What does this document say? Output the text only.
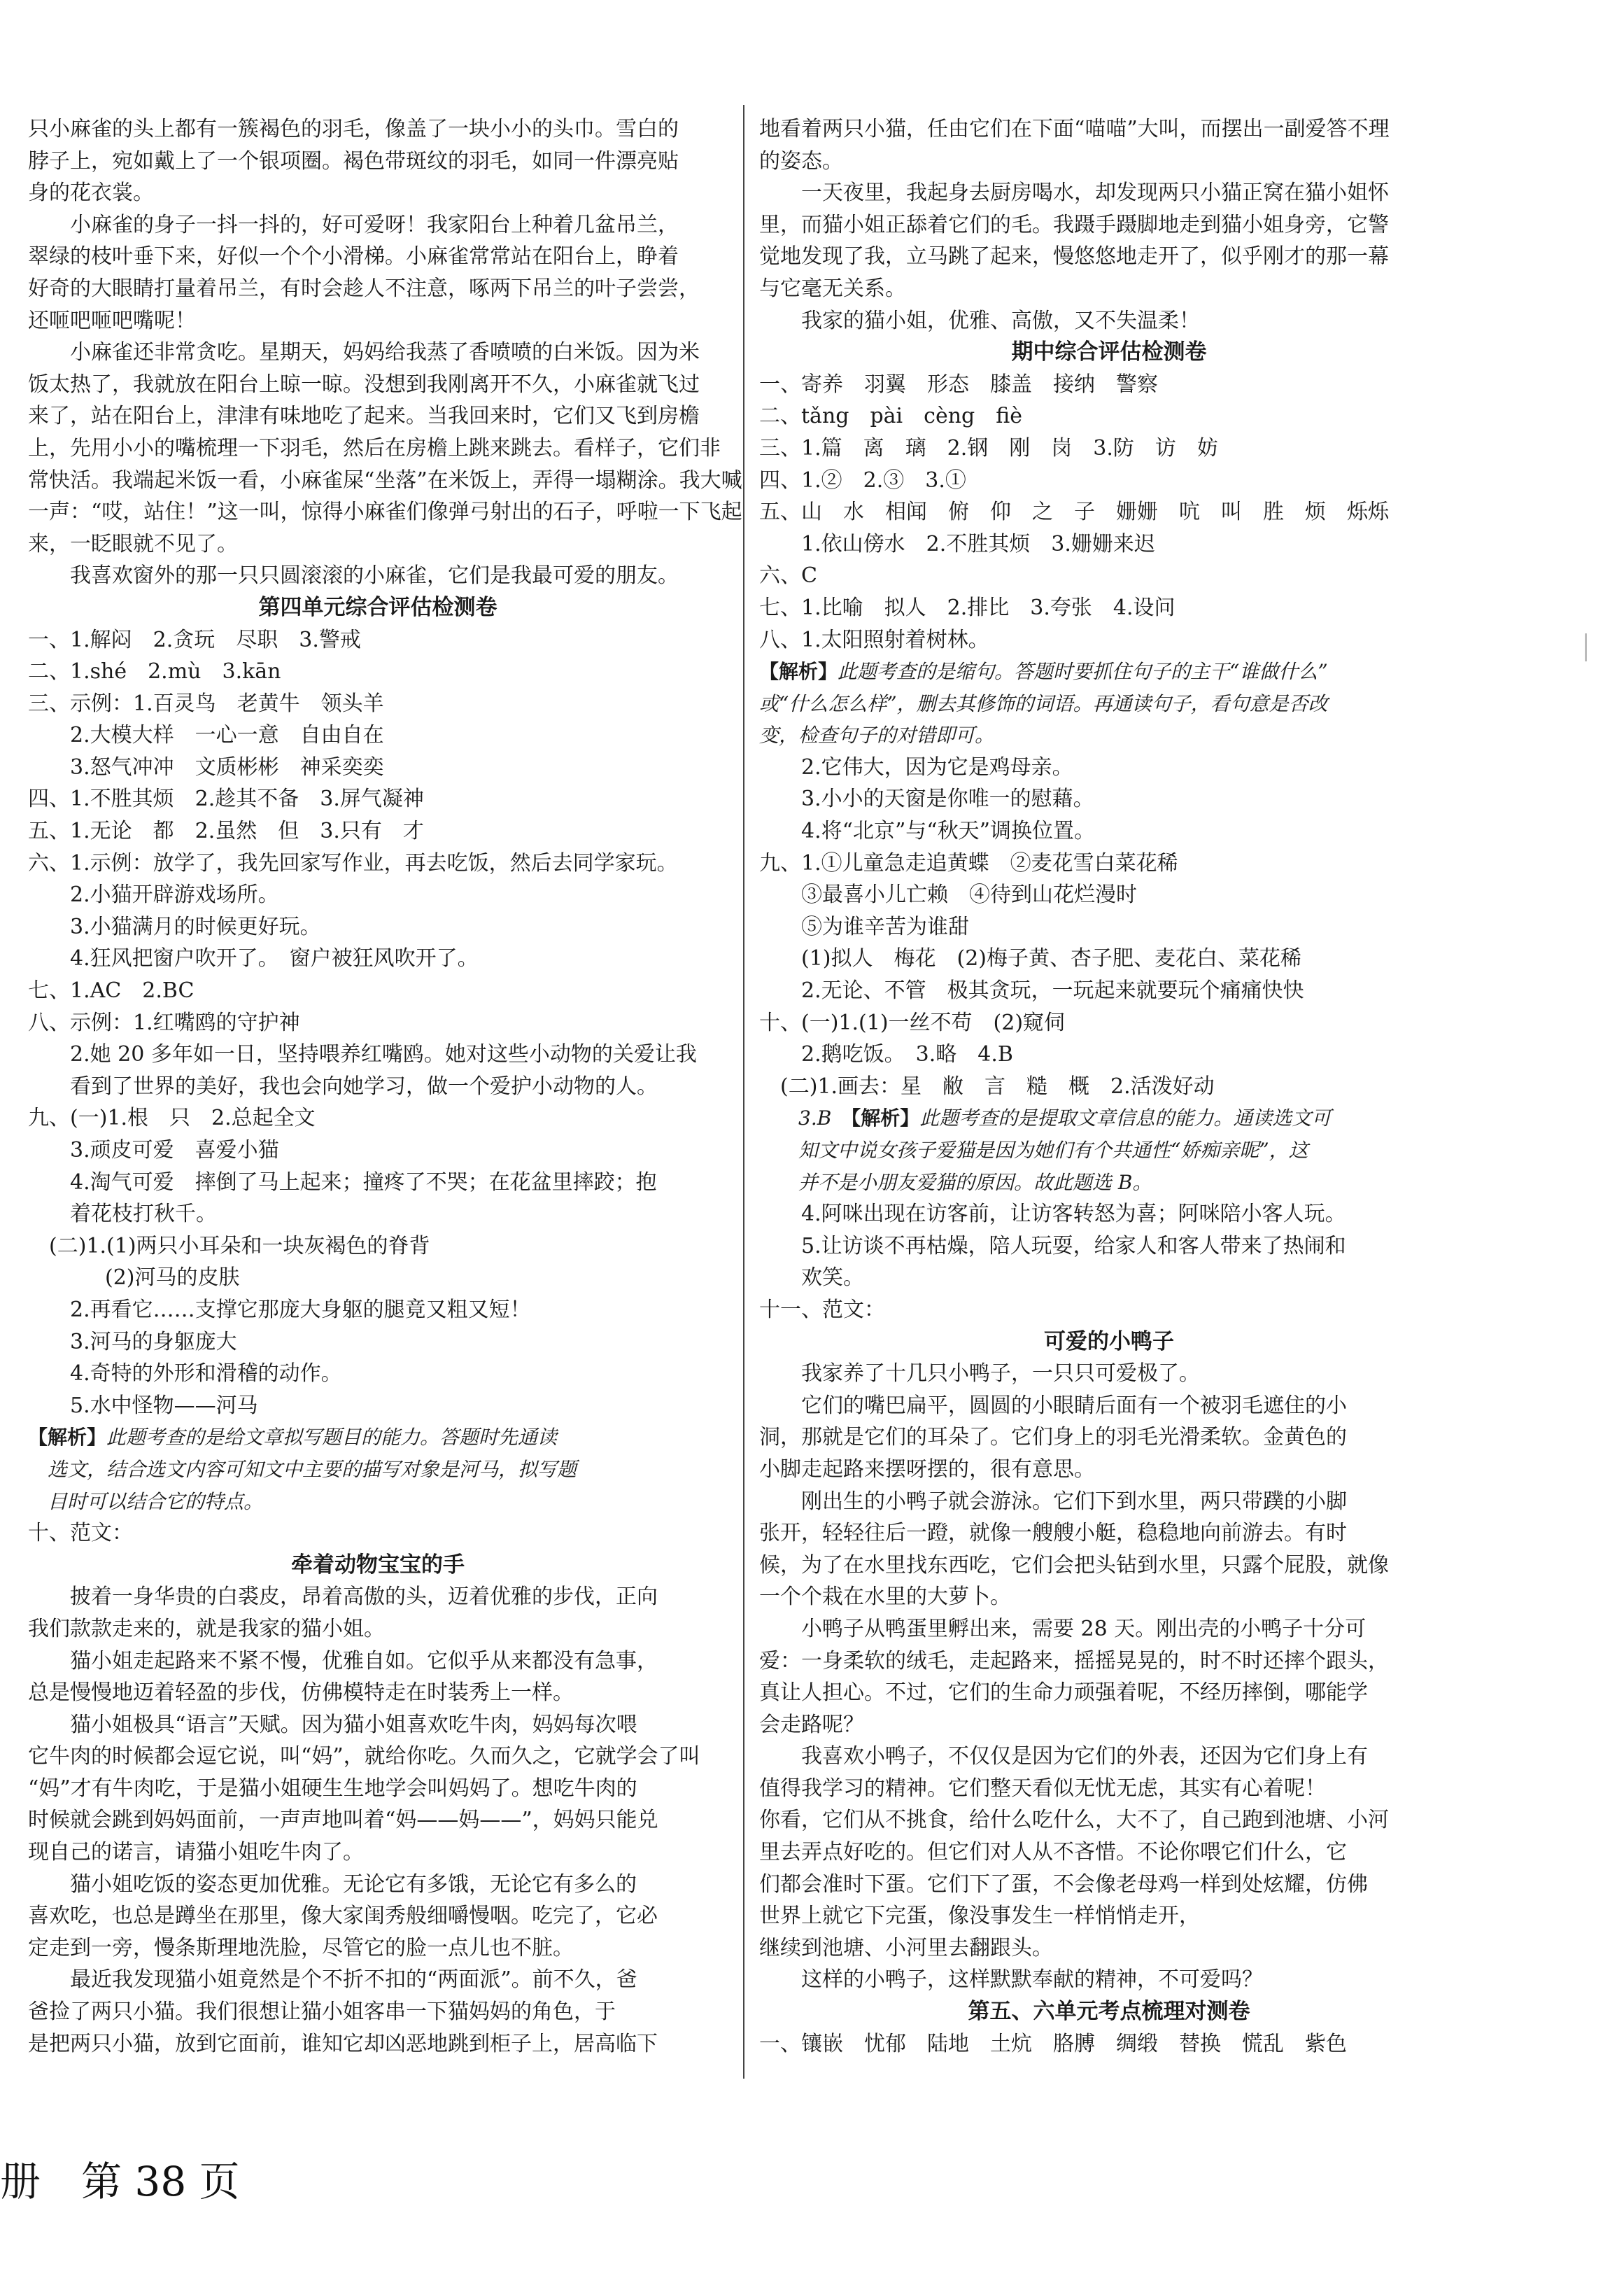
只小麻雀的头上都有一簇褐色的羽毛，像盖了一块小小的头巾。雪白的
脖子上，宛如戴上了一个银项圈。褐色带斑纹的羽毛，如同一件漂亮贴
身的花衣裳。
小麻雀的身子一抖一抖的，好可爱呀！我家阳台上种着几盆吊兰，
翠绿的枝叶垂下来，好似一个个小滑梯。小麻雀常常站在阳台上，睁着
好奇的大眼睛打量着吊兰，有时会趁人不注意，啄两下吊兰的叶子尝尝，
还咂吧咂吧嘴呢！
小麻雀还非常贪吃。星期天，妈妈给我蒸了香喷喷的白米饭。因为米
饭太热了，我就放在阳台上晾一晾。没想到我刚离开不久，小麻雀就飞过
来了，站在阳台上，津津有味地吃了起来。当我回来时，它们又飞到房檐
上，先用小小的嘴梳理一下羽毛，然后在房檐上跳来跳去。看样子，它们非
常快活。我端起米饭一看，小麻雀屎“坐落”在米饭上，弄得一塌糊涂。我大喊
一声：“哎，站住！”这一叫，惊得小麻雀们像弹弓射出的石子，呼啦一下飞起
来，一眨眼就不见了。
我喜欢窗外的那一只只圆滚滚的小麻雀，它们是我最可爱的朋友。
第四单元综合评估检测卷
一、1.解闷　2.贪玩　尽职　3.警戒
二、1.shé　2.mù　3.kān
三、示例：1.百灵鸟　老黄牛　领头羊
2.大模大样　一心一意　自由自在
3.怒气冲冲　文质彬彬　神采奕奕
四、1.不胜其烦　2.趁其不备　3.屏气凝神
五、1.无论　都　2.虽然　但　3.只有　才
六、1.示例：放学了，我先回家写作业，再去吃饭，然后去同学家玩。
2.小猫开辟游戏场所。
3.小猫满月的时候更好玩。
4.狂风把窗户吹开了。　窗户被狂风吹开了。
七、1.AC　2.BC
八、示例：1.红嘴鸥的守护神
2.她 20 多年如一日，坚持喂养红嘴鸥。她对这些小动物的关爱让我
看到了世界的美好，我也会向她学习，做一个爱护小动物的人。
九、(一)1.根　只　2.总起全文
3.顽皮可爱　喜爱小猫
4.淘气可爱　摔倒了马上起来；撞疼了不哭；在花盆里摔跤；抱
着花枝打秋千。
　(二)1.(1)两只小耳朵和一块灰褐色的脊背
(2)河马的皮肤
2.再看它……支撑它那庞大身躯的腿竟又粗又短！
3.河马的身躯庞大
4.奇特的外形和滑稽的动作。
5.水中怪物——河马
【解析】此题考查的是给文章拟写题目的能力。答题时先通读
　选文，结合选文内容可知文中主要的描写对象是河马，拟写题
　目时可以结合它的特点。
十、范文：
牵着动物宝宝的手
披着一身华贵的白裘皮，昂着高傲的头，迈着优雅的步伐，正向
我们款款走来的，就是我家的猫小姐。
猫小姐走起路来不紧不慢，优雅自如。它似乎从来都没有急事，
总是慢慢地迈着轻盈的步伐，仿佛模特走在时装秀上一样。
猫小姐极具“语言”天赋。因为猫小姐喜欢吃牛肉，妈妈每次喂
它牛肉的时候都会逗它说，叫“妈”，就给你吃。久而久之，它就学会了叫
“妈”才有牛肉吃，于是猫小姐硬生生地学会叫妈妈了。想吃牛肉的
时候就会跳到妈妈面前，一声声地叫着“妈——妈——”，妈妈只能兑
现自己的诺言，请猫小姐吃牛肉了。
猫小姐吃饭的姿态更加优雅。无论它有多饿，无论它有多么的
喜欢吃，也总是蹲坐在那里，像大家闺秀般细嚼慢咽。吃完了，它必
定走到一旁，慢条斯理地洗脸，尽管它的脸一点儿也不脏。
最近我发现猫小姐竟然是个不折不扣的“两面派”。前不久，爸
爸捡了两只小猫。我们很想让猫小姐客串一下猫妈妈的角色，于
是把两只小猫，放到它面前，谁知它却凶恶地跳到柜子上，居高临下
地看着两只小猫，任由它们在下面“喵喵”大叫，而摆出一副爱答不理
的姿态。
一天夜里，我起身去厨房喝水，却发现两只小猫正窝在猫小姐怀
里，而猫小姐正舔着它们的毛。我蹑手蹑脚地走到猫小姐身旁，它警
觉地发现了我，立马跳了起来，慢悠悠地走开了，似乎刚才的那一幕
与它毫无关系。
我家的猫小姐，优雅、高傲，又不失温柔！
期中综合评估检测卷
一、寄养　羽翼　形态　膝盖　接纳　警察
二、tǎng　pài　cèng　fiè
三、1.篇　离　璃　2.钢　刚　岗　3.防　访　妨
四、1.②　2.③　3.①
五、山　水　相闻　俯　仰　之　子　姗姗　吭　叫　胜　烦　烁烁
1.依山傍水　2.不胜其烦　3.姗姗来迟
六、C
七、1.比喻　拟人　2.排比　3.夸张　4.设问
八、1.太阳照射着树林。
【解析】此题考查的是缩句。答题时要抓住句子的主干“谁做什么”
或“什么怎么样”，删去其修饰的词语。再通读句子，看句意是否改
变，检查句子的对错即可。
2.它伟大，因为它是鸡母亲。
3.小小的天窗是你唯一的慰藉。
4.将“北京”与“秋天”调换位置。
九、1.①儿童急走追黄蝶　②麦花雪白菜花稀
③最喜小儿亡赖　④待到山花烂漫时
⑤为谁辛苦为谁甜
(1)拟人　梅花　(2)梅子黄、杏子肥、麦花白、菜花稀
2.无论、不管　极其贪玩，一玩起来就要玩个痛痛快快
十、(一)1.(1)一丝不苟　(2)窥伺
2.鹅吃饭。　3.略　4.B
　(二)1.画去：星　敝　言　糙　概　2.活泼好动
　　3.B　【解析】此题考查的是提取文章信息的能力。通读选文可
　　知文中说女孩子爱猫是因为她们有个共通性“娇痴亲昵”，这
　　并不是小朋友爱猫的原因。故此题选 B。
4.阿咪出现在访客前，让访客转怒为喜；阿咪陪小客人玩。
5.让访谈不再枯燥，陪人玩耍，给家人和客人带来了热闹和
欢笑。
十一、范文：
可爱的小鸭子
我家养了十几只小鸭子，一只只可爱极了。
它们的嘴巴扁平，圆圆的小眼睛后面有一个被羽毛遮住的小
洞，那就是它们的耳朵了。它们身上的羽毛光滑柔软。金黄色的
小脚走起路来摆呀摆的，很有意思。
刚出生的小鸭子就会游泳。它们下到水里，两只带蹼的小脚
张开，轻轻往后一蹬，就像一艘艘小艇，稳稳地向前游去。有时
候，为了在水里找东西吃，它们会把头钻到水里，只露个屁股，就像
一个个栽在水里的大萝卜。
小鸭子从鸭蛋里孵出来，需要 28 天。刚出壳的小鸭子十分可
爱：一身柔软的绒毛，走起路来，摇摇晃晃的，时不时还摔个跟头，
真让人担心。不过，它们的生命力顽强着呢，不经历摔倒，哪能学
会走路呢？
我喜欢小鸭子，不仅仅是因为它们的外表，还因为它们身上有
值得我学习的精神。它们整天看似无忧无虑，其实有心着呢！
你看，它们从不挑食，给什么吃什么，大不了，自己跑到池塘、小河
里去弄点好吃的。但它们对人从不吝惜。不论你喂它们什么，它
们都会准时下蛋。它们下了蛋，不会像老母鸡一样到处炫耀，仿佛
世界上就它下完蛋，像没事发生一样悄悄走开，
继续到池塘、小河里去翻跟头。
这样的小鸭子，这样默默奉献的精神，不可爱吗？
第五、六单元考点梳理对测卷
一、镶嵌　忧郁　陆地　土炕　胳膊　绸缎　替换　慌乱　紫色
册　第 38 页
